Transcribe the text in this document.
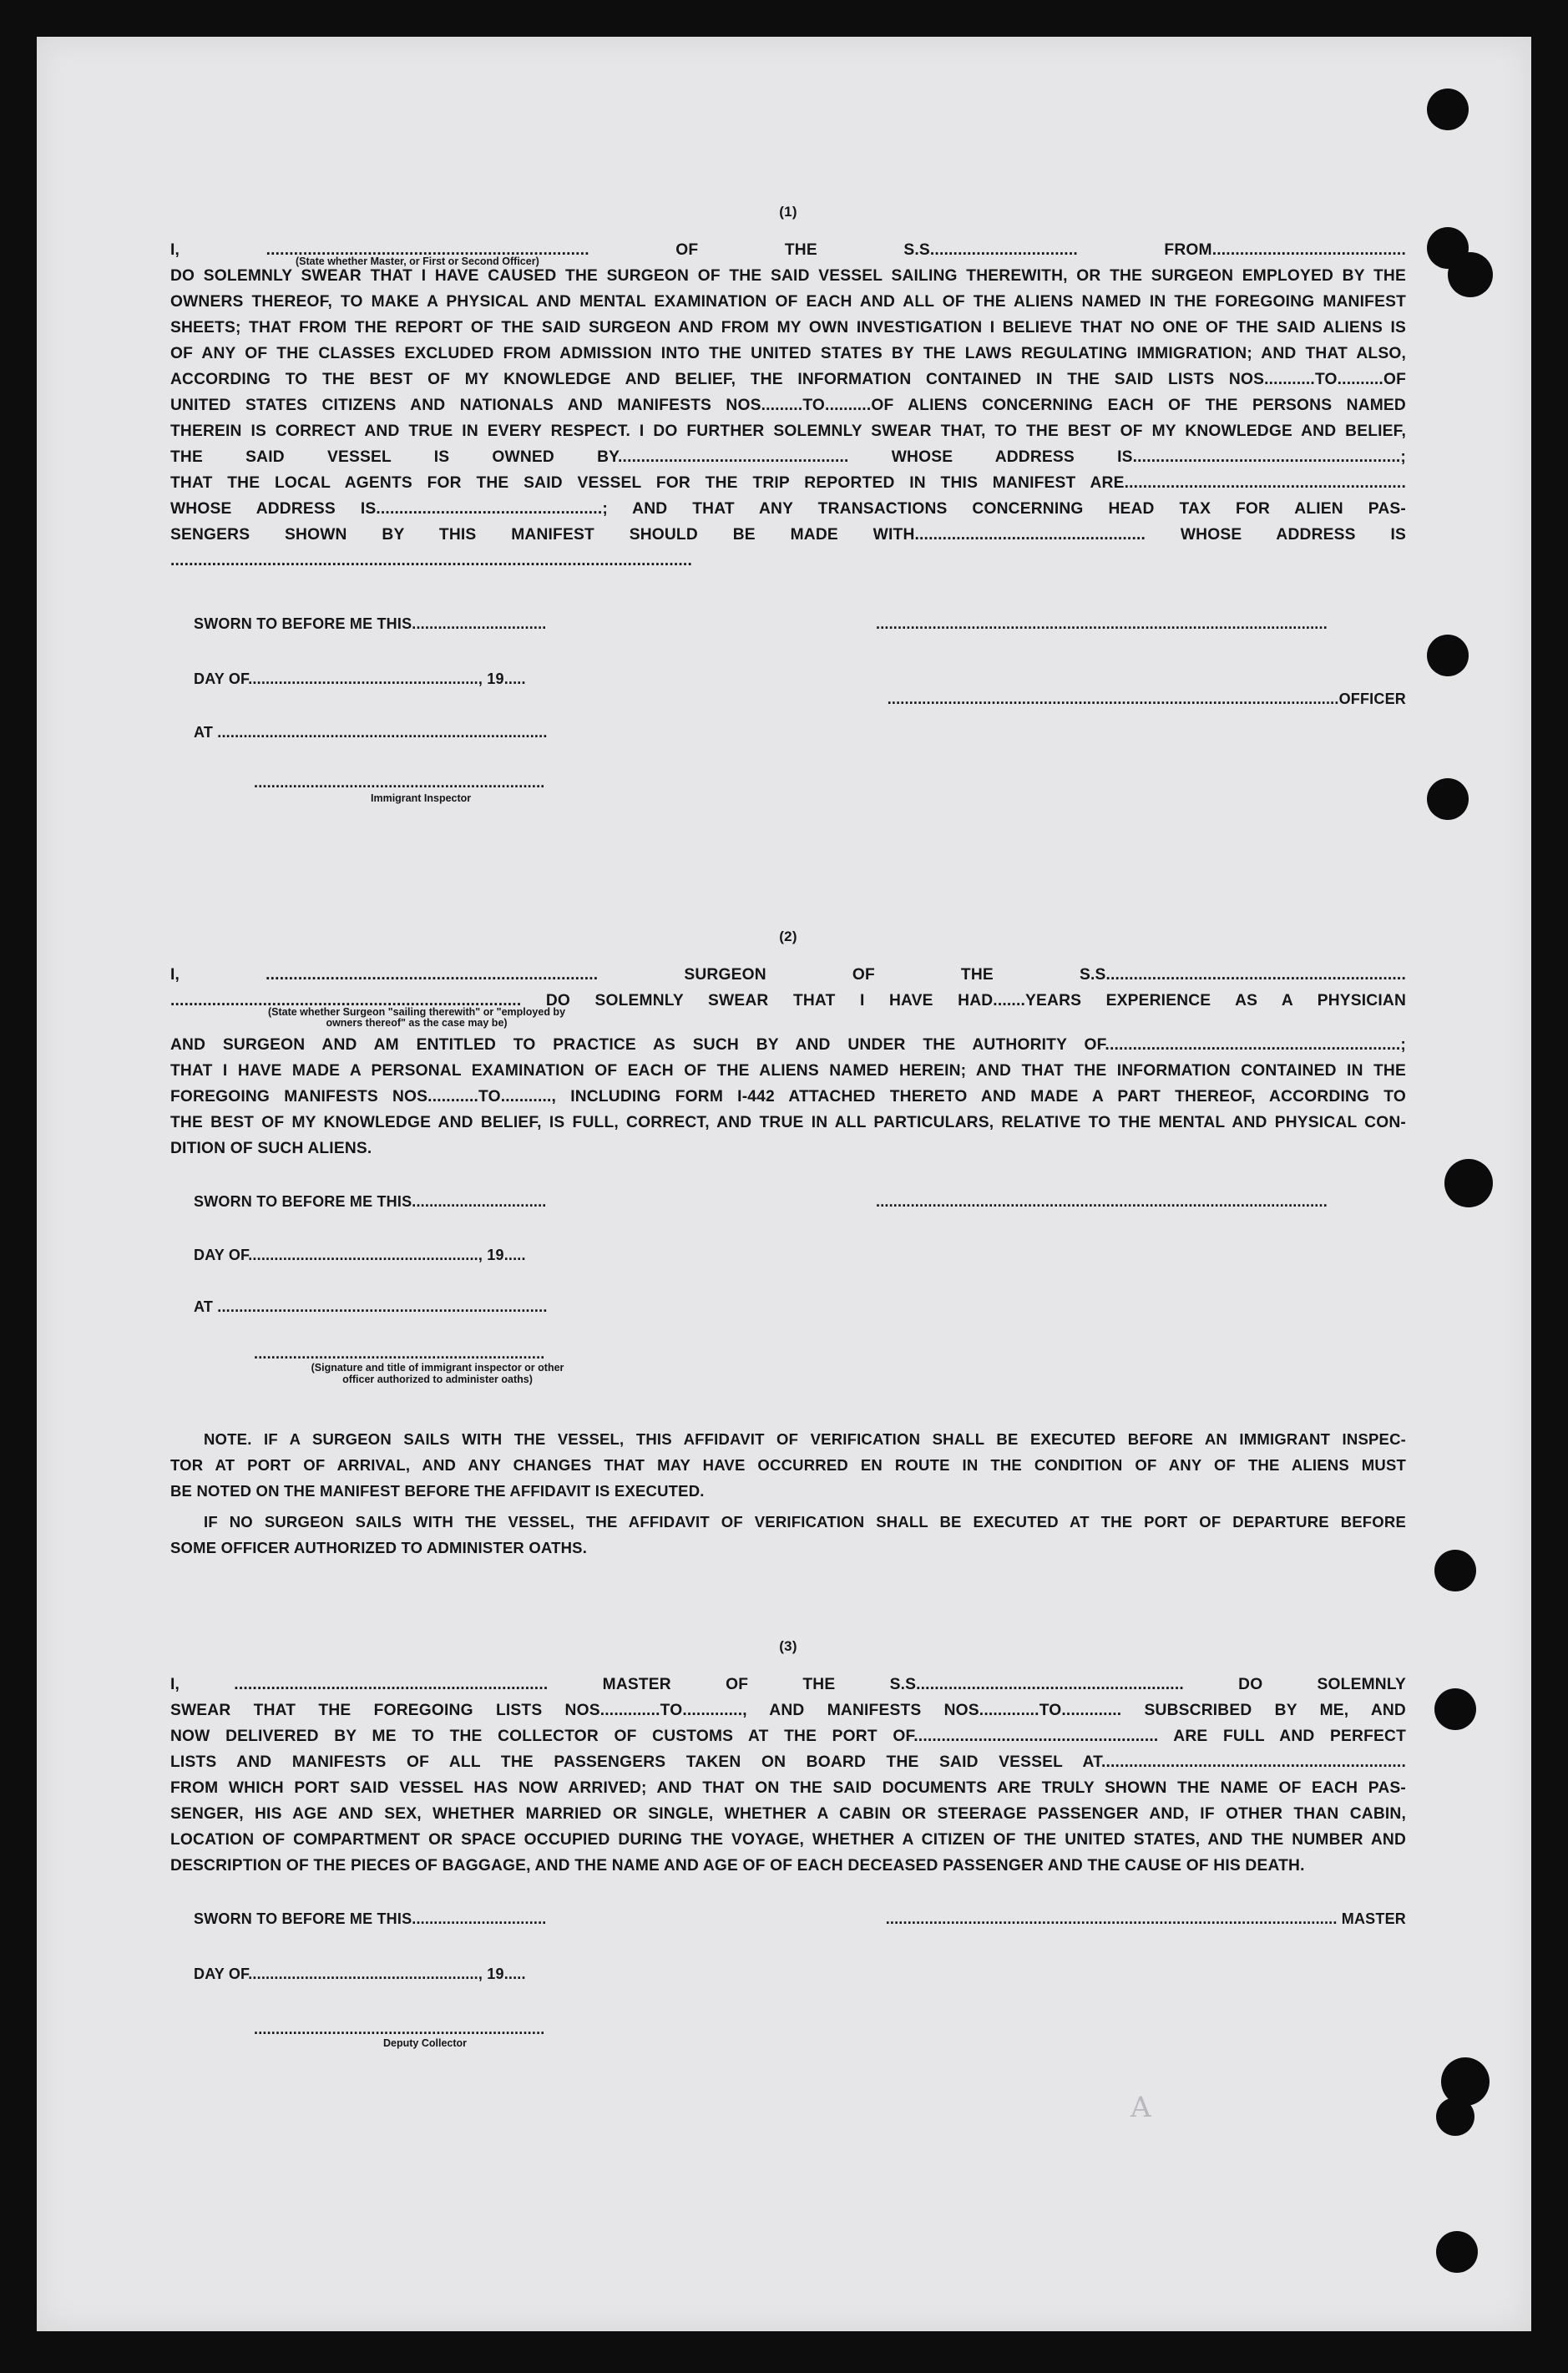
A
(1)

I, ...................................................................... OF THE S.S................................ FROM..........................................

(State whether Master, or First or Second Officer)

DO SOLEMNLY SWEAR THAT I HAVE CAUSED THE SURGEON OF THE SAID VESSEL SAILING THEREWITH, OR THE SURGEON EMPLOYED BY THE

OWNERS THEREOF, TO MAKE A PHYSICAL AND MENTAL EXAMINATION OF EACH AND ALL OF THE ALIENS NAMED IN THE FOREGOING MANIFEST

SHEETS; THAT FROM THE REPORT OF THE SAID SURGEON AND FROM MY OWN INVESTIGATION I BELIEVE THAT NO ONE OF THE SAID ALIENS IS

OF ANY OF THE CLASSES EXCLUDED FROM ADMISSION INTO THE UNITED STATES BY THE LAWS REGULATING IMMIGRATION; AND THAT ALSO,

ACCORDING TO THE BEST OF MY KNOWLEDGE AND BELIEF, THE INFORMATION CONTAINED IN THE SAID LISTS NOS...........TO..........OF

UNITED STATES CITIZENS AND NATIONALS AND MANIFESTS NOS.........TO..........OF ALIENS CONCERNING EACH OF THE PERSONS NAMED

THEREIN IS CORRECT AND TRUE IN EVERY RESPECT. I DO FURTHER SOLEMNLY SWEAR THAT, TO THE BEST OF MY KNOWLEDGE AND BELIEF,

THE SAID VESSEL IS OWNED BY.................................................. WHOSE ADDRESS IS..........................................................;

THAT THE LOCAL AGENTS FOR THE SAID VESSEL FOR THE TRIP REPORTED IN THIS MANIFEST ARE.............................................................

WHOSE ADDRESS IS.................................................; AND THAT ANY TRANSACTIONS CONCERNING HEAD TAX FOR ALIEN PAS-

SENGERS SHOWN BY THIS MANIFEST SHOULD BE MADE WITH.................................................. WHOSE ADDRESS IS

.................................................................................................................

SWORN TO BEFORE ME THIS...............................
DAY OF....................................................., 19.....
AT ............................................................................
...................................................................
Immigrant Inspector
........................................................................................................
........................................................................................................OFFICER
(2)

I, ........................................................................ SURGEON OF THE S.S.................................................................

............................................................................ DO SOLEMNLY SWEAR THAT I HAVE HAD.......YEARS EXPERIENCE AS A PHYSICIAN

(State whether Surgeon "sailing therewith" or "employed by
owners thereof" as the case may be)

AND SURGEON AND AM ENTITLED TO PRACTICE AS SUCH BY AND UNDER THE AUTHORITY OF................................................................;

THAT I HAVE MADE A PERSONAL EXAMINATION OF EACH OF THE ALIENS NAMED HEREIN; AND THAT THE INFORMATION CONTAINED IN THE

FOREGOING MANIFESTS NOS...........TO..........., INCLUDING FORM I-442 ATTACHED THERETO AND MADE A PART THEREOF, ACCORDING TO

THE BEST OF MY KNOWLEDGE AND BELIEF, IS FULL, CORRECT, AND TRUE IN ALL PARTICULARS, RELATIVE TO THE MENTAL AND PHYSICAL CON-

DITION OF SUCH ALIENS.

SWORN TO BEFORE ME THIS...............................
DAY OF....................................................., 19.....
AT ............................................................................
...................................................................
(Signature and title of immigrant inspector or other
officer authorized to administer oaths)
........................................................................................................

NOTE. IF A SURGEON SAILS WITH THE VESSEL, THIS AFFIDAVIT OF VERIFICATION SHALL BE EXECUTED BEFORE AN IMMIGRANT INSPEC-

TOR AT PORT OF ARRIVAL, AND ANY CHANGES THAT MAY HAVE OCCURRED EN ROUTE IN THE CONDITION OF ANY OF THE ALIENS MUST

BE NOTED ON THE MANIFEST BEFORE THE AFFIDAVIT IS EXECUTED.

IF NO SURGEON SAILS WITH THE VESSEL, THE AFFIDAVIT OF VERIFICATION SHALL BE EXECUTED AT THE PORT OF DEPARTURE BEFORE

SOME OFFICER AUTHORIZED TO ADMINISTER OATHS.

(3)

I, .................................................................... MASTER OF THE S.S.......................................................... DO SOLEMNLY

SWEAR THAT THE FOREGOING LISTS NOS.............TO............., AND MANIFESTS NOS.............TO............. SUBSCRIBED BY ME, AND

NOW DELIVERED BY ME TO THE COLLECTOR OF CUSTOMS AT THE PORT OF..................................................... ARE FULL AND PERFECT

LISTS AND MANIFESTS OF ALL THE PASSENGERS TAKEN ON BOARD THE SAID VESSEL AT..................................................................

FROM WHICH PORT SAID VESSEL HAS NOW ARRIVED; AND THAT ON THE SAID DOCUMENTS ARE TRULY SHOWN THE NAME OF EACH PAS-

SENGER, HIS AGE AND SEX, WHETHER MARRIED OR SINGLE, WHETHER A CABIN OR STEERAGE PASSENGER AND, IF OTHER THAN CABIN,

LOCATION OF COMPARTMENT OR SPACE OCCUPIED DURING THE VOYAGE, WHETHER A CITIZEN OF THE UNITED STATES, AND THE NUMBER AND

DESCRIPTION OF THE PIECES OF BAGGAGE, AND THE NAME AND AGE OF OF EACH DECEASED PASSENGER AND THE CAUSE OF HIS DEATH.

SWORN TO BEFORE ME THIS...............................
DAY OF....................................................., 19.....
...................................................................
Deputy Collector
........................................................................................................ MASTER
